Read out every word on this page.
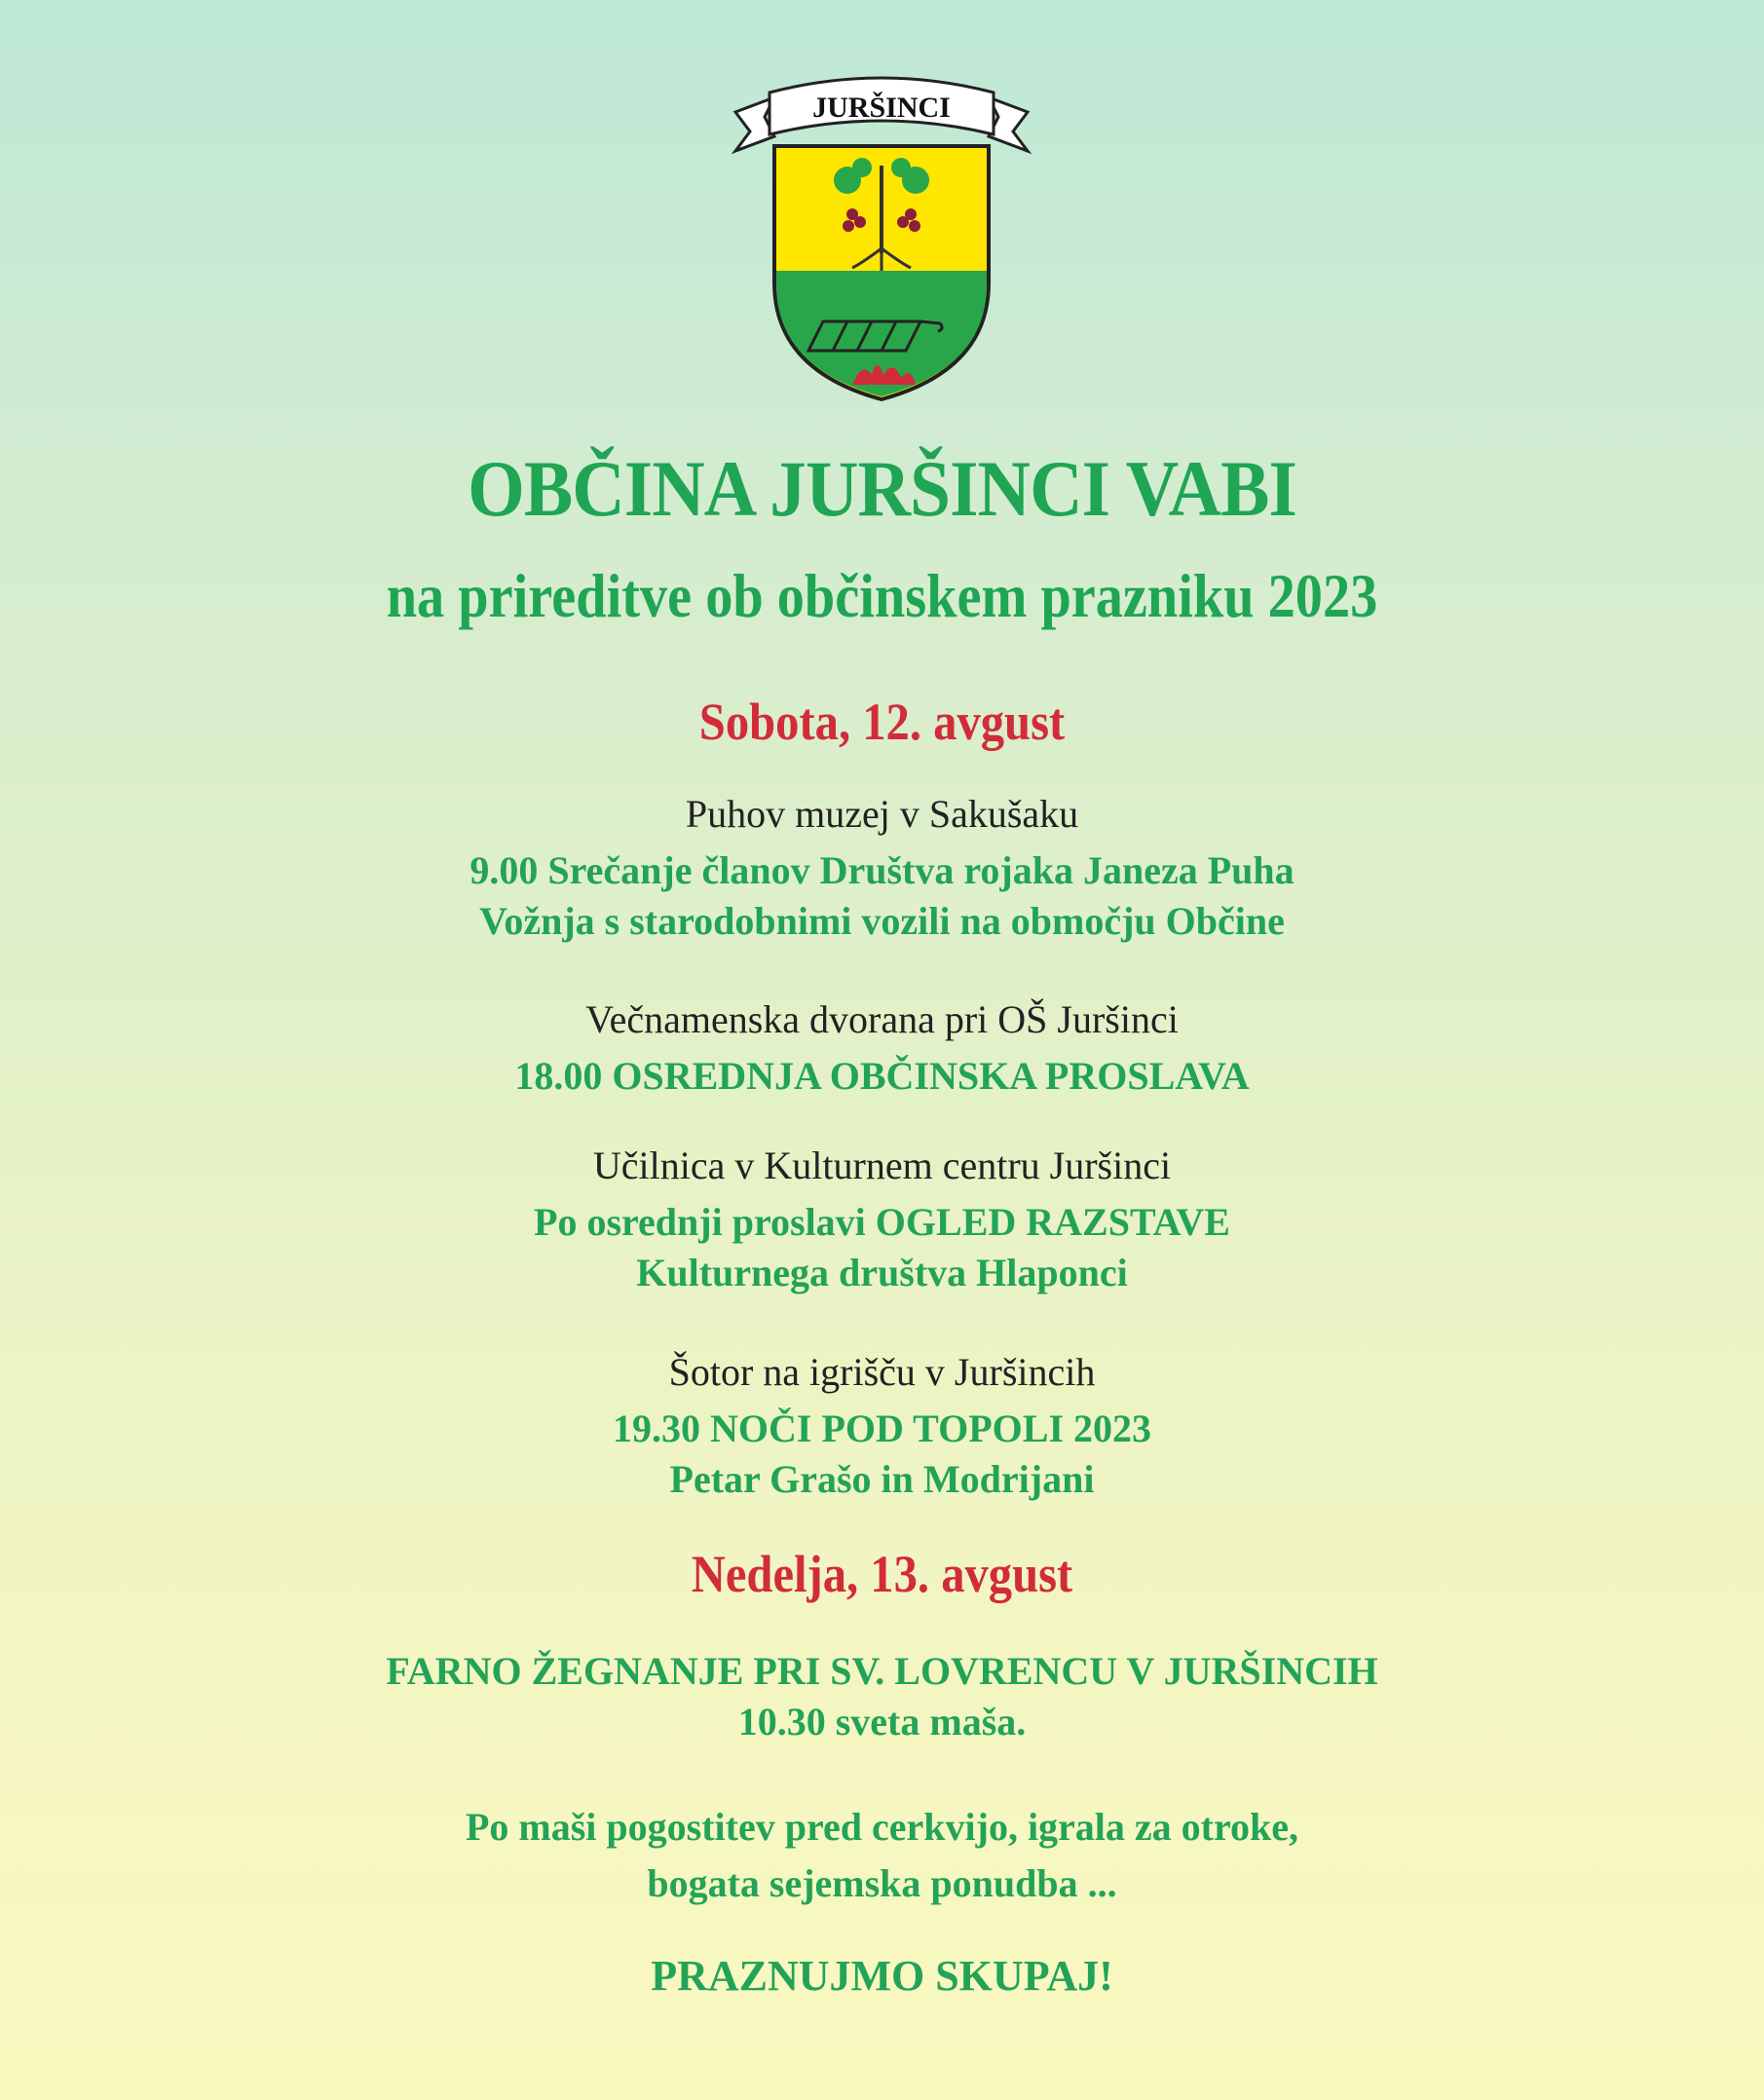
JURŠINCI
OBČINA JURŠINCI VABI
na prireditve ob občinskem prazniku 2023
Sobota, 12. avgust
Puhov muzej v Sakušaku
9.00 Srečanje članov Društva rojaka Janeza Puha
Vožnja s starodobnimi vozili na območju Občine
Večnamenska dvorana pri OŠ Juršinci
18.00 OSREDNJA OBČINSKA PROSLAVA
Učilnica v Kulturnem centru Juršinci
Po osrednji proslavi OGLED RAZSTAVE
Kulturnega društva Hlaponci
Šotor na igrišču v Juršincih
19.30 NOČI POD TOPOLI 2023
Petar Grašo in Modrijani
Nedelja, 13. avgust
FARNO ŽEGNANJE PRI SV. LOVRENCU V JURŠINCIH
10.30 sveta maša.
Po maši pogostitev pred cerkvijo, igrala za otroke,
bogata sejemska ponudba ...
PRAZNUJMO SKUPAJ!
